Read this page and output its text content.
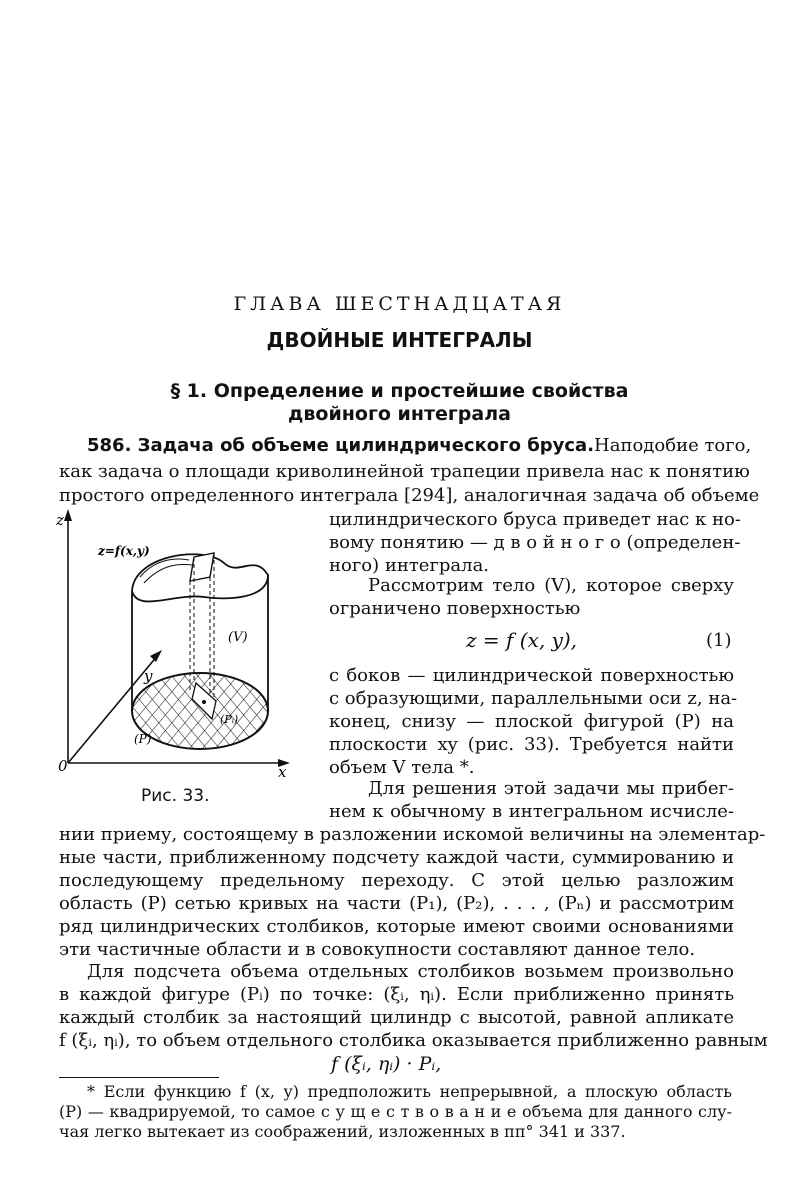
ГЛАВА ШЕСТНАДЦАТАЯ
ДВОЙНЫЕ ИНТЕГРАЛЫ
§ 1. Определение и простейшие свойства
двойного интеграла
586. Задача об объеме цилиндрического бруса. Наподобие того,
как задача о площади криволинейной трапеции привела нас к понятию
простого определенного интеграла [294], аналогичная задача об объеме
цилиндрического бруса приведет нас к но-
вому понятию — д в о й н о г о (определен-
ного) интеграла.
Рассмотрим тело (V), которое сверху
ограничено поверхностью
z = f (x, y),	(1)
с боков — цилиндрической поверхностью
с образующими, параллельными оси z, на-
конец, снизу — плоской фигурой (P) на
плоскости xy (рис. 33). Требуется найти
объем V тела *.
Для решения этой задачи мы прибег-
нем к обычному в интегральном исчисле-
нии приему, состоящему в разложении искомой величины на элементар-
ные части, приближенному подсчету каждой части, суммированию и
последующему предельному переходу. С этой целью разложим
область (P) сетью кривых на части (P₁), (P₂), . . . , (Pₙ) и рассмотрим
ряд цилиндрических столбиков, которые имеют своими основаниями
эти частичные области и в совокупности составляют данное тело.
Для подсчета объема отдельных столбиков возьмем произвольно
в каждой фигуре (Pᵢ) по точке: (ξᵢ, ηᵢ). Если приближенно принять
каждый столбик за настоящий цилиндр с высотой, равной апликате
f (ξᵢ, ηᵢ), то объем отдельного столбика оказывается приближенно равным
f (ξᵢ, ηᵢ) · Pᵢ,
* Если функцию f (x, y) предположить непрерывной, а плоскую область
(P) — квадрируемой, то самое с у щ е с т в о в а н и е объема для данного слу-
чая легко вытекает из соображений, изложенных в пп° 341 и 337.
z
x
y
0
z=f(x,y)
(V)
(P)
(Pᵢ)
Рис. 33.
